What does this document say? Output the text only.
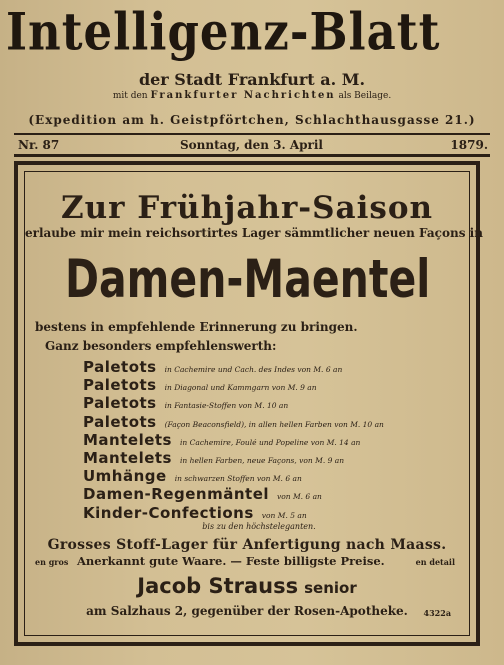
Intelligenz-Blatt
der Stadt Frankfurt a. M.
mit den Frankfurter Nachrichten als Beilage.
(Expedition am h. Geistpförtchen, Schlachthausgasse 21.)
Nr. 87	Sonntag, den 3. April	1879.
Zur Frühjahr-Saison
erlaube mir mein reichsortirtes Lager sämmtlicher neuen Façons in
Damen-Maentel
bestens in empfehlende Erinnerung zu bringen.
Ganz besonders empfehlenswerth:
Paletots in Cachemire und Cach. des Indes von M. 6 an
Paletots in Diagonal und Kammgarn von M. 9 an
Paletots in Fantasie-Stoffen von M. 10 an
Paletots (Façon Beaconsfield), in allen hellen Farben von M. 10 an
Mantelets in Cachemire, Foulé und Popeline von M. 14 an
Mantelets in hellen Farben, neue Façons, von M. 9 an
Umhänge in schwarzen Stoffen von M. 6 an
Damen-Regenmäntel von M. 6 an
Kinder-Confections von M. 5 an
bis zu den höchsteleganten.
Grosses Stoff-Lager für Anfertigung nach Maass.
en gros Anerkannt gute Waare. — Feste billigste Preise.	en detail
Jacob Strauss senior
am Salzhaus 2, gegenüber der Rosen-Apotheke.	4322a
